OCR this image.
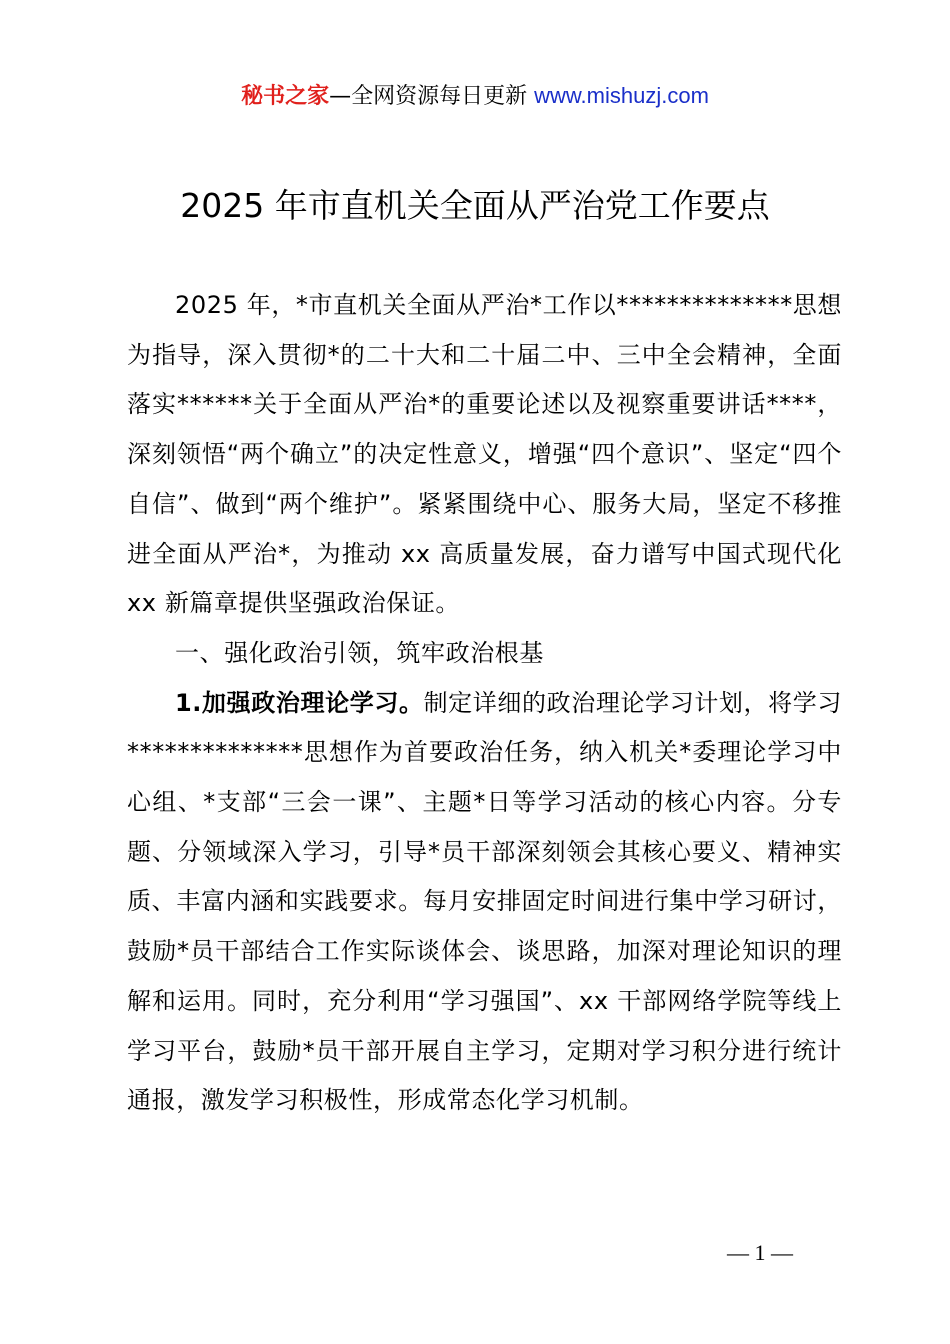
秘书之家—全网资源每日更新 www.mishuzj.com
2025 年市直机关全面从严治党工作要点

2025 年，*市直机关全面从严治*工作以**************思想为指导，深入贯彻*的二十大和二十届二中、三中全会精神，全面落实******关于全面从严治*的重要论述以及视察重要讲话****，深刻领悟“两个确立”的决定性意义，增强“四个意识”、坚定“四个自信”、做到“两个维护”。紧紧围绕中心、服务大局，坚定不移推进全面从严治*，为推动 xx 高质量发展，奋力谱写中国式现代化 xx 新篇章提供坚强政治保证。

一、强化政治引领，筑牢政治根基

1.加强政治理论学习。制定详细的政治理论学习计划，将学习**************思想作为首要政治任务，纳入机关*委理论学习中心组、*支部“三会一课”、主题*日等学习活动的核心内容。分专题、分领域深入学习，引导*员干部深刻领会其核心要义、精神实质、丰富内涵和实践要求。每月安排固定时间进行集中学习研讨，鼓励*员干部结合工作实际谈体会、谈思路，加深对理论知识的理解和运用。同时，充分利用“学习强国”、xx 干部网络学院等线上学习平台，鼓励*员干部开展自主学习，定期对学习积分进行统计通报，激发学习积极性，形成常态化学习机制。

— 1 —
